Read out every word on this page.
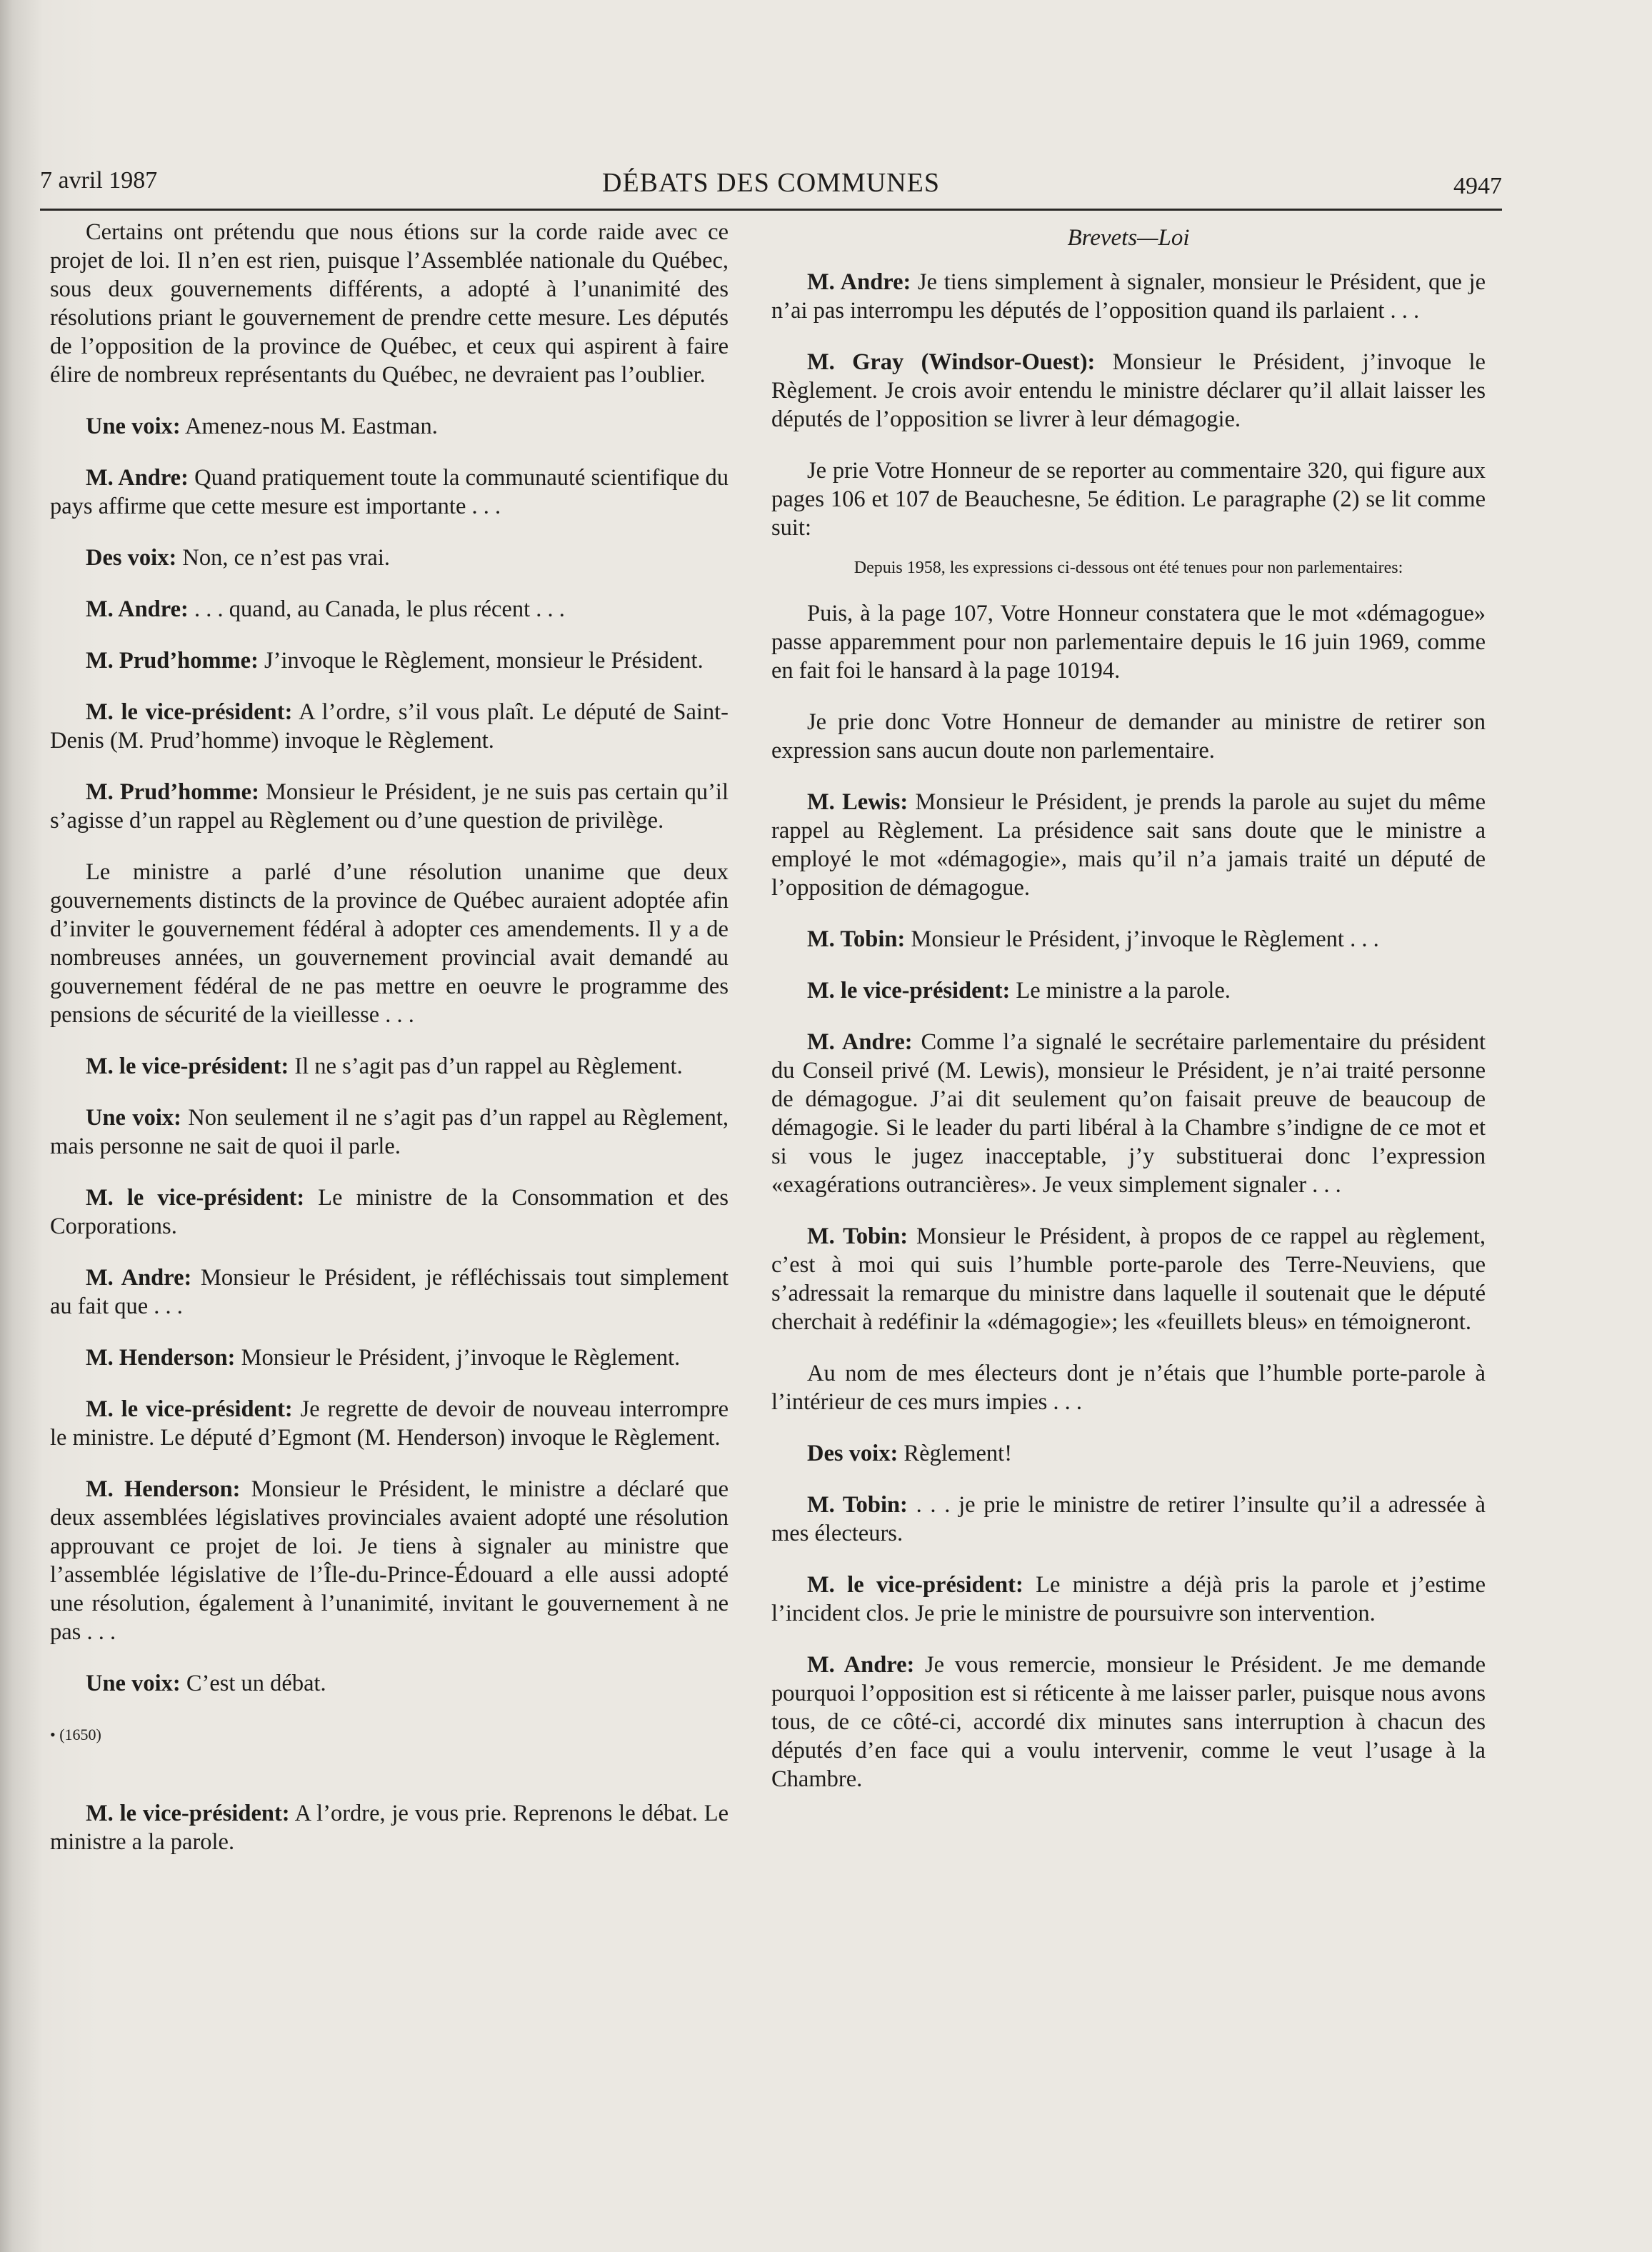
7 avril 1987	DÉBATS DES COMMUNES	4947

Certains ont prétendu que nous étions sur la corde raide avec ce projet de loi. Il n’en est rien, puisque l’Assemblée nationale du Québec, sous deux gouvernements différents, a adopté à l’unanimité des résolutions priant le gouvernement de prendre cette mesure. Les députés de l’opposition de la province de Québec, et ceux qui aspirent à faire élire de nombreux représentants du Québec, ne devraient pas l’oublier.

Une voix: Amenez-nous M. Eastman.

M. Andre: Quand pratiquement toute la communauté scientifique du pays affirme que cette mesure est importante . . .

Des voix: Non, ce n’est pas vrai.

M. Andre: . . . quand, au Canada, le plus récent . . .

M. Prud’homme: J’invoque le Règlement, monsieur le Président.

M. le vice-président: A l’ordre, s’il vous plaît. Le député de Saint-Denis (M. Prud’homme) invoque le Règlement.

M. Prud’homme: Monsieur le Président, je ne suis pas certain qu’il s’agisse d’un rappel au Règlement ou d’une question de privilège.

Le ministre a parlé d’une résolution unanime que deux gouvernements distincts de la province de Québec auraient adoptée afin d’inviter le gouvernement fédéral à adopter ces amendements. Il y a de nombreuses années, un gouvernement provincial avait demandé au gouvernement fédéral de ne pas mettre en oeuvre le programme des pensions de sécurité de la vieillesse . . .

M. le vice-président: Il ne s’agit pas d’un rappel au Règlement.

Une voix: Non seulement il ne s’agit pas d’un rappel au Règlement, mais personne ne sait de quoi il parle.

M. le vice-président: Le ministre de la Consommation et des Corporations.

M. Andre: Monsieur le Président, je réfléchissais tout simplement au fait que . . .

M. Henderson: Monsieur le Président, j’invoque le Règlement.

M. le vice-président: Je regrette de devoir de nouveau interrompre le ministre. Le député d’Egmont (M. Henderson) invoque le Règlement.

M. Henderson: Monsieur le Président, le ministre a déclaré que deux assemblées législatives provinciales avaient adopté une résolution approuvant ce projet de loi. Je tiens à signaler au ministre que l’assemblée législative de l’Île-du-Prince-Édouard a elle aussi adopté une résolution, également à l’unanimité, invitant le gouvernement à ne pas . . .

Une voix: C’est un débat.

• (1650)

M. le vice-président: A l’ordre, je vous prie. Reprenons le débat. Le ministre a la parole.

Brevets—Loi

M. Andre: Je tiens simplement à signaler, monsieur le Président, que je n’ai pas interrompu les députés de l’opposition quand ils parlaient . . .

M. Gray (Windsor-Ouest): Monsieur le Président, j’invoque le Règlement. Je crois avoir entendu le ministre déclarer qu’il allait laisser les députés de l’opposition se livrer à leur démagogie.

Je prie Votre Honneur de se reporter au commentaire 320, qui figure aux pages 106 et 107 de Beauchesne, 5e édition. Le paragraphe (2) se lit comme suit:

Depuis 1958, les expressions ci-dessous ont été tenues pour non parlementaires:

Puis, à la page 107, Votre Honneur constatera que le mot «démagogue» passe apparemment pour non parlementaire depuis le 16 juin 1969, comme en fait foi le hansard à la page 10194.

Je prie donc Votre Honneur de demander au ministre de retirer son expression sans aucun doute non parlementaire.

M. Lewis: Monsieur le Président, je prends la parole au sujet du même rappel au Règlement. La présidence sait sans doute que le ministre a employé le mot «démagogie», mais qu’il n’a jamais traité un député de l’opposition de démagogue.

M. Tobin: Monsieur le Président, j’invoque le Règlement . . .

M. le vice-président: Le ministre a la parole.

M. Andre: Comme l’a signalé le secrétaire parlementaire du président du Conseil privé (M. Lewis), monsieur le Président, je n’ai traité personne de démagogue. J’ai dit seulement qu’on faisait preuve de beaucoup de démagogie. Si le leader du parti libéral à la Chambre s’indigne de ce mot et si vous le jugez inacceptable, j’y substituerai donc l’expression «exagérations outrancières». Je veux simplement signaler . . .

M. Tobin: Monsieur le Président, à propos de ce rappel au règlement, c’est à moi qui suis l’humble porte-parole des Terre-Neuviens, que s’adressait la remarque du ministre dans laquelle il soutenait que le député cherchait à redéfinir la «démagogie»; les «feuillets bleus» en témoigneront.

Au nom de mes électeurs dont je n’étais que l’humble porte-parole à l’intérieur de ces murs impies . . .

Des voix: Règlement!

M. Tobin: . . . je prie le ministre de retirer l’insulte qu’il a adressée à mes électeurs.

M. le vice-président: Le ministre a déjà pris la parole et j’estime l’incident clos. Je prie le ministre de poursuivre son intervention.

M. Andre: Je vous remercie, monsieur le Président. Je me demande pourquoi l’opposition est si réticente à me laisser parler, puisque nous avons tous, de ce côté-ci, accordé dix minutes sans interruption à chacun des députés d’en face qui a voulu intervenir, comme le veut l’usage à la Chambre.
